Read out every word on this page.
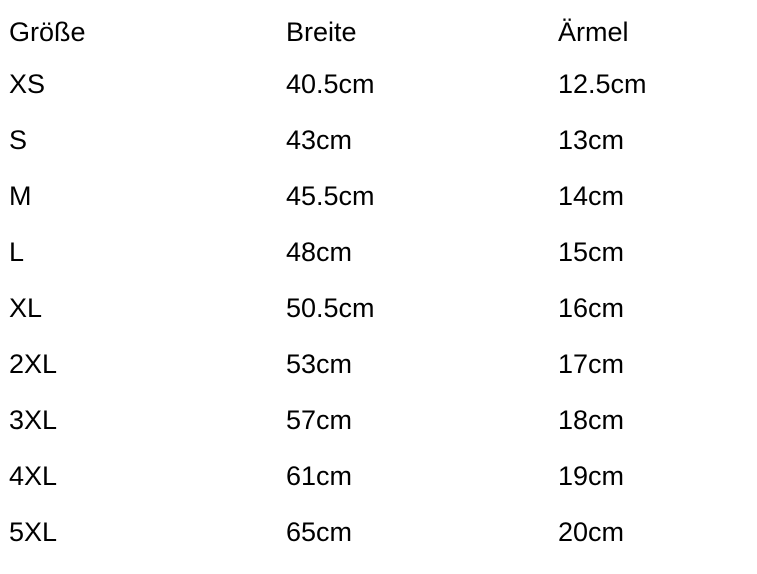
Größe	Breite	Ärmel

XS	40.5cm	12.5cm

S	43cm	13cm

M	45.5cm	14cm

L	48cm	15cm

XL	50.5cm	16cm

2XL	53cm	17cm

3XL	57cm	18cm

4XL	61cm	19cm

5XL	65cm	20cm
